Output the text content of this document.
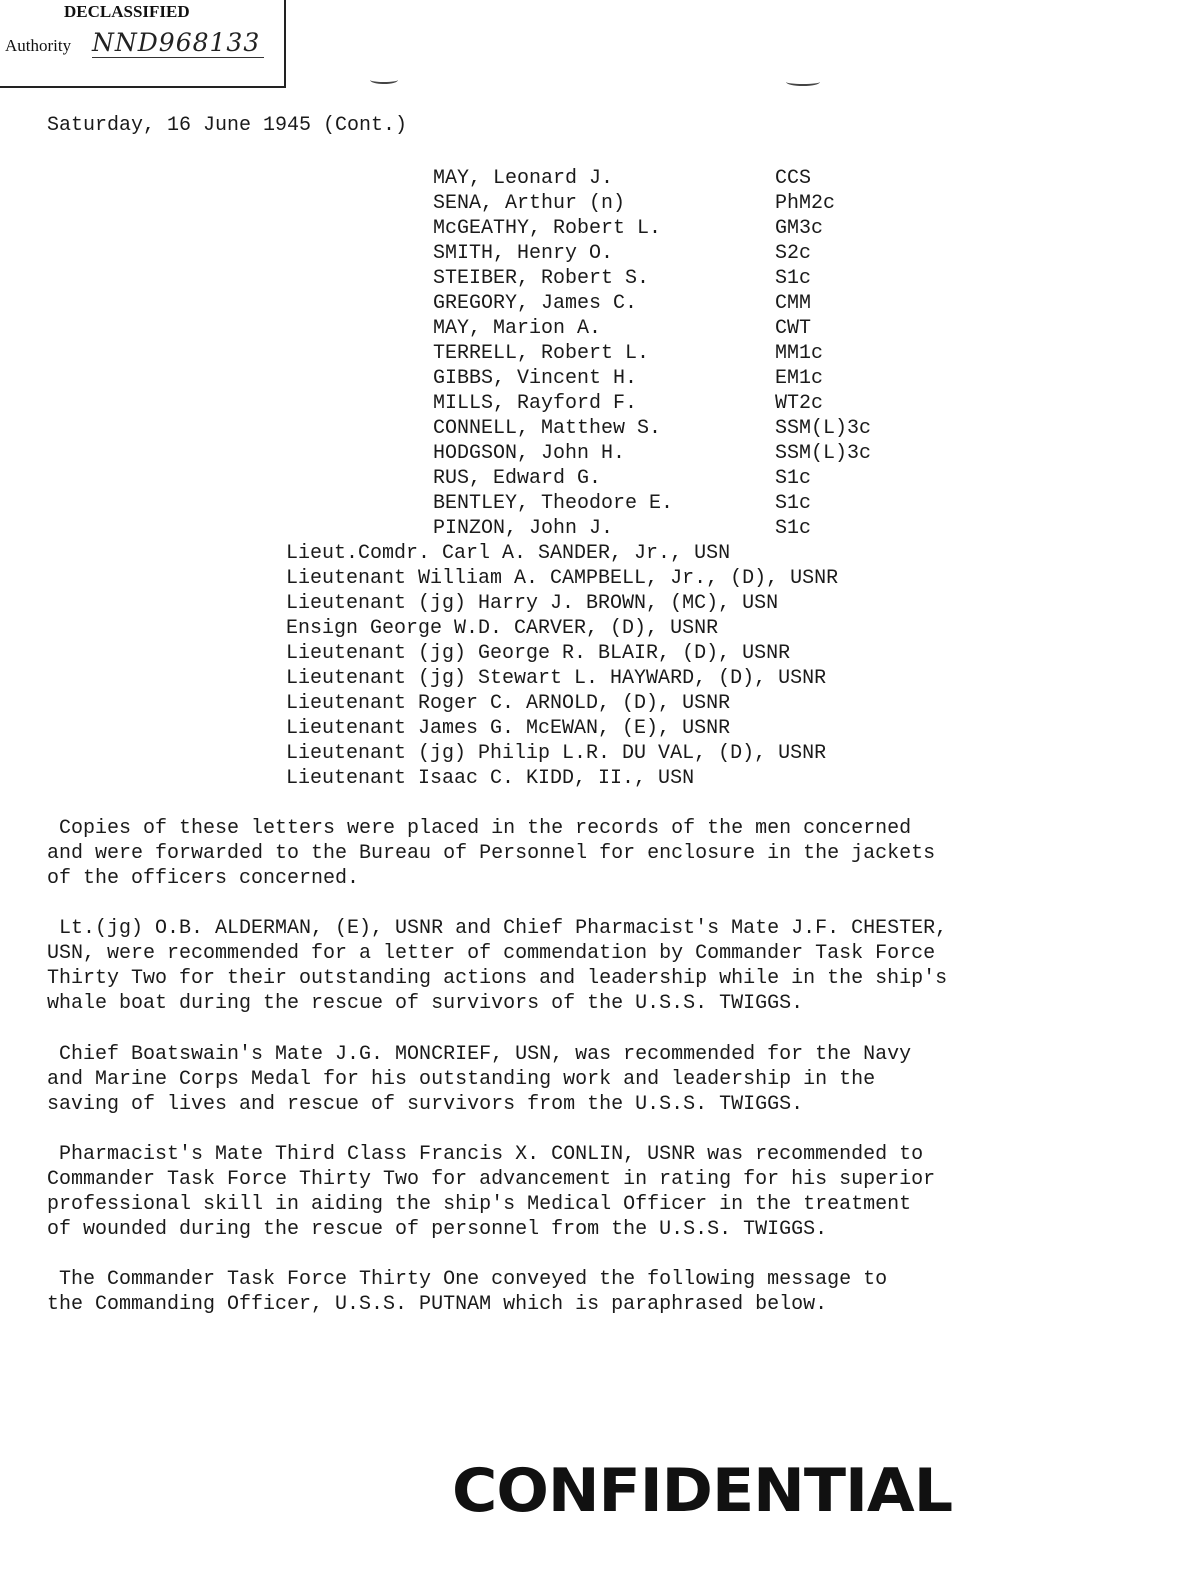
DECLASSIFIED
Authority NND968133
Saturday, 16 June 1945 (Cont.)
MAY, Leonard J.	CCS
SENA, Arthur (n)	PhM2c
McGEATHY, Robert L.	GM3c
SMITH, Henry O.	S2c
STEIBER, Robert S.	S1c
GREGORY, James C.	CMM
MAY, Marion A.	CWT
TERRELL, Robert L.	MM1c
GIBBS, Vincent H.	EM1c
MILLS, Rayford F.	WT2c
CONNELL, Matthew S.	SSM(L)3c
HODGSON, John H.	SSM(L)3c
RUS, Edward G.	S1c
BENTLEY, Theodore E.	S1c
PINZON, John J.	S1c
Lieut.Comdr. Carl A. SANDER, Jr., USN
Lieutenant William A. CAMPBELL, Jr., (D), USNR
Lieutenant (jg) Harry J. BROWN, (MC), USN
Ensign George W.D. CARVER, (D), USNR
Lieutenant (jg) George R. BLAIR, (D), USNR
Lieutenant (jg) Stewart L. HAYWARD, (D), USNR
Lieutenant Roger C. ARNOLD, (D), USNR
Lieutenant James G. McEWAN, (E), USNR
Lieutenant (jg) Philip L.R. DU VAL, (D), USNR
Lieutenant Isaac C. KIDD, II., USN

Copies of these letters were placed in the records of the men concerned
and were forwarded to the Bureau of Personnel for enclosure in the jackets
of the officers concerned.

Lt.(jg) O.B. ALDERMAN, (E), USNR and Chief Pharmacist's Mate J.F. CHESTER,
USN, were recommended for a letter of commendation by Commander Task Force
Thirty Two for their outstanding actions and leadership while in the ship's
whale boat during the rescue of survivors of the U.S.S. TWIGGS.

Chief Boatswain's Mate J.G. MONCRIEF, USN, was recommended for the Navy
and Marine Corps Medal for his outstanding work and leadership in the
saving of lives and rescue of survivors from the U.S.S. TWIGGS.

Pharmacist's Mate Third Class Francis X. CONLIN, USNR was recommended to
Commander Task Force Thirty Two for advancement in rating for his superior
professional skill in aiding the ship's Medical Officer in the treatment
of wounded during the rescue of personnel from the U.S.S. TWIGGS.

The Commander Task Force Thirty One conveyed the following message to
the Commanding Officer, U.S.S. PUTNAM which is paraphrased below.

CONFIDENTIAL
